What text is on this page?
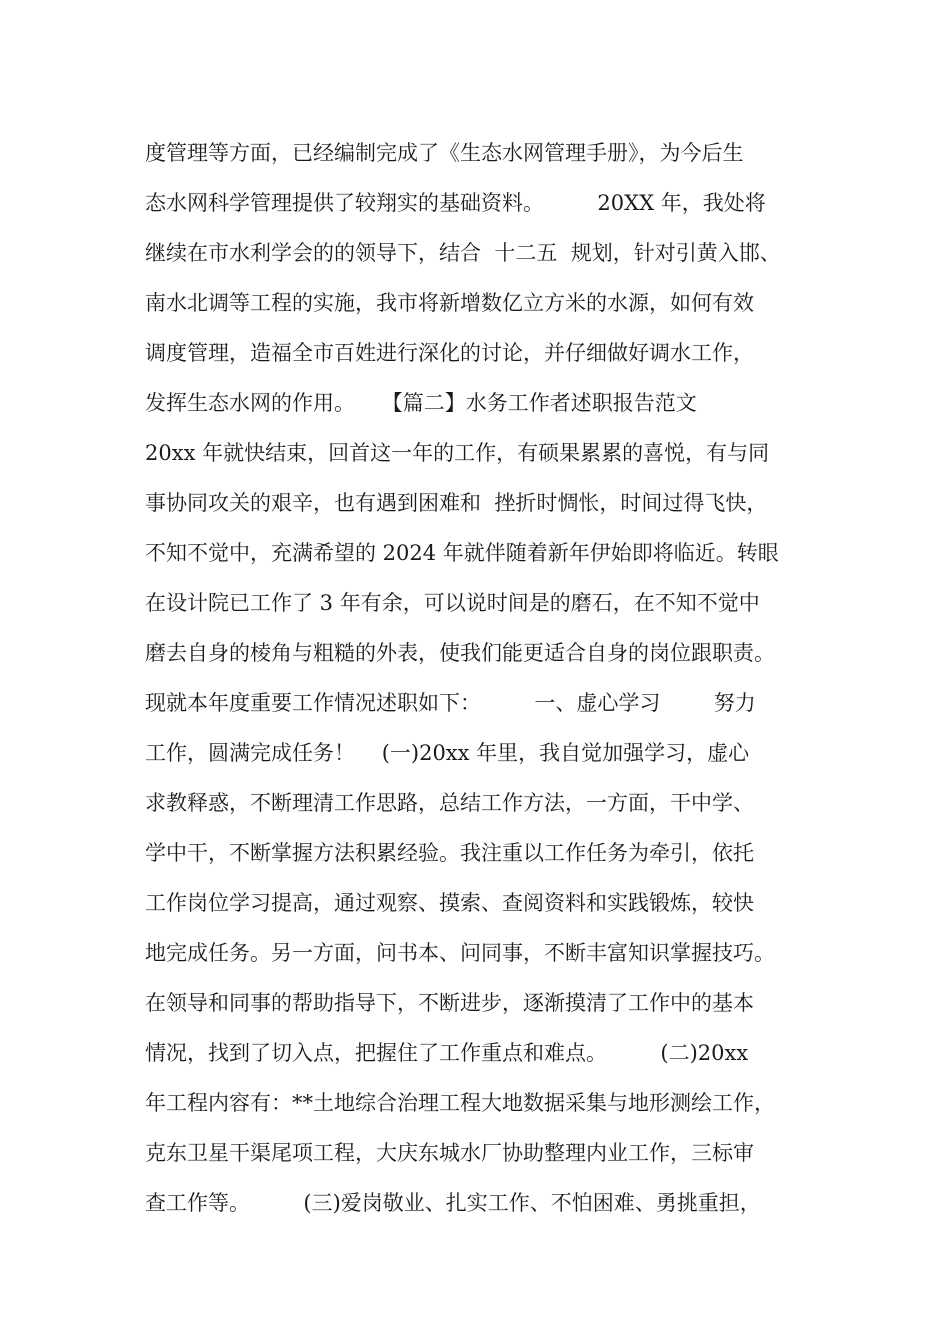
度管理等方面，已经编制完成了《生态水网管理手册》，为今后生
态水网科学管理提供了较翔实的基础资料。        20XX 年，我处将
继续在市水利学会的的领导下，结合  十二五  规划，针对引黄入邯、
南水北调等工程的实施，我市将新增数亿立方米的水源，如何有效
调度管理，造福全市百姓进行深化的讨论，并仔细做好调水工作，
发挥生态水网的作用。    【篇二】水务工作者述职报告范文
20xx 年就快结束，回首这一年的工作，有硕果累累的喜悦，有与同
事协同攻关的艰辛，也有遇到困难和  挫折时惆怅，时间过得飞快，
不知不觉中，充满希望的 2024 年就伴随着新年伊始即将临近。转眼
在设计院已工作了 3 年有余，可以说时间是的磨石，在不知不觉中
磨去自身的棱角与粗糙的外表，使我们能更适合自身的岗位跟职责。
现就本年度重要工作情况述职如下：        一、虚心学习        努力
工作，圆满完成任务！    (一)20xx 年里，我自觉加强学习，虚心
求教释惑，不断理清工作思路，总结工作方法，一方面，干中学、
学中干，不断掌握方法积累经验。我注重以工作任务为牵引，依托
工作岗位学习提高，通过观察、摸索、查阅资料和实践锻炼，较快
地完成任务。另一方面，问书本、问同事，不断丰富知识掌握技巧。
在领导和同事的帮助指导下，不断进步，逐渐摸清了工作中的基本
情况，找到了切入点，把握住了工作重点和难点。        (二)20xx
年工程内容有：**土地综合治理工程大地数据采集与地形测绘工作，
克东卫星干渠尾项工程，大庆东城水厂协助整理内业工作，三标审
查工作等。        (三)爱岗敬业、扎实工作、不怕困难、勇挑重担，
